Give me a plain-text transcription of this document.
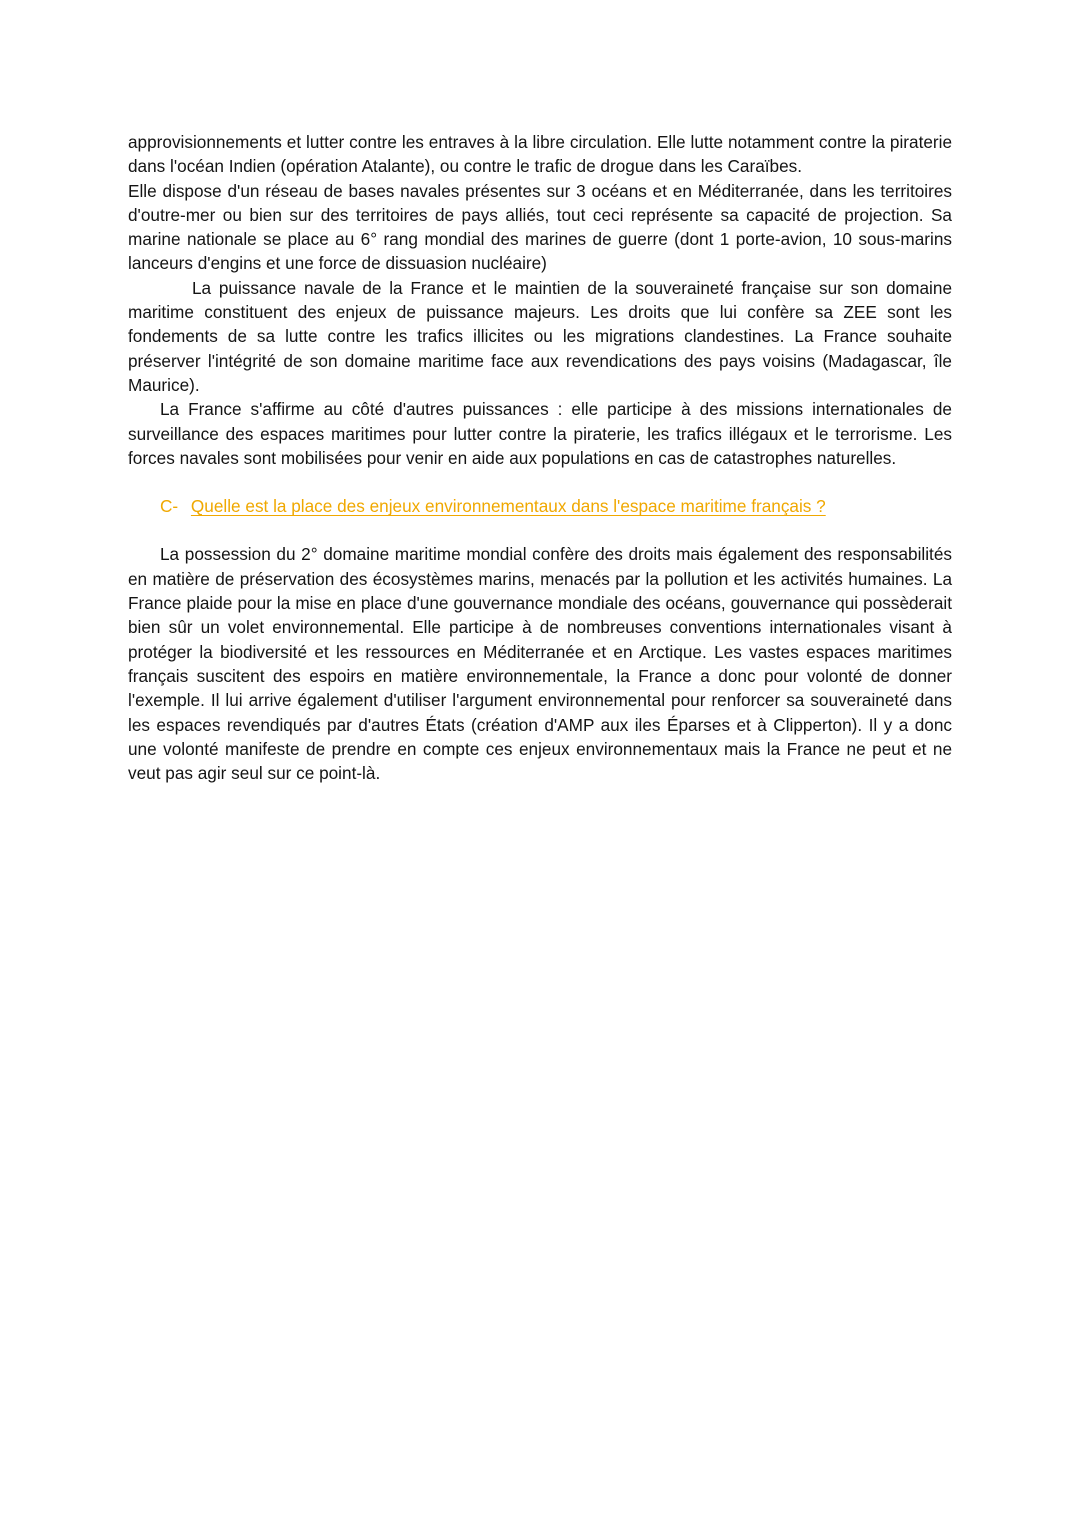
approvisionnements et lutter contre les entraves à la libre circulation. Elle lutte notamment contre la piraterie dans l'océan Indien (opération Atalante), ou contre le trafic de drogue dans les Caraïbes.

Elle dispose d'un réseau de bases navales présentes sur 3 océans et en Méditerranée, dans les territoires d'outre-mer ou bien sur des territoires de pays alliés, tout ceci représente sa capacité de projection. Sa marine nationale se place au 6° rang mondial des marines de guerre (dont 1 porte-avion, 10 sous-marins lanceurs d'engins et une force de dissuasion nucléaire)

La puissance navale de la France et le maintien de la souveraineté française sur son domaine maritime constituent des enjeux de puissance majeurs. Les droits que lui confère sa ZEE sont les fondements de sa lutte contre les trafics illicites ou les migrations clandestines. La France souhaite préserver l'intégrité de son domaine maritime face aux revendications des pays voisins (Madagascar, île Maurice).

La France s'affirme au côté d'autres puissances : elle participe à des missions internationales de surveillance des espaces maritimes pour lutter contre la piraterie, les trafics illégaux et le terrorisme. Les forces navales sont mobilisées pour venir en aide aux populations en cas de catastrophes naturelles.

C- Quelle est la place des enjeux environnementaux dans l'espace maritime français ?

La possession du 2° domaine maritime mondial confère des droits mais également des responsabilités en matière de préservation des écosystèmes marins, menacés par la pollution et les activités humaines. La France plaide pour la mise en place d'une gouvernance mondiale des océans, gouvernance qui possèderait bien sûr un volet environnemental. Elle participe à de nombreuses conventions internationales visant à protéger la biodiversité et les ressources en Méditerranée et en Arctique. Les vastes espaces maritimes français suscitent des espoirs en matière environnementale, la France a donc pour volonté de donner l'exemple. Il lui arrive également d'utiliser l'argument environnemental pour renforcer sa souveraineté dans les espaces revendiqués par d'autres États (création d'AMP aux iles Éparses et à Clipperton). Il y a donc une volonté manifeste de prendre en compte ces enjeux environnementaux mais la France ne peut et ne veut pas agir seul sur ce point-là.
